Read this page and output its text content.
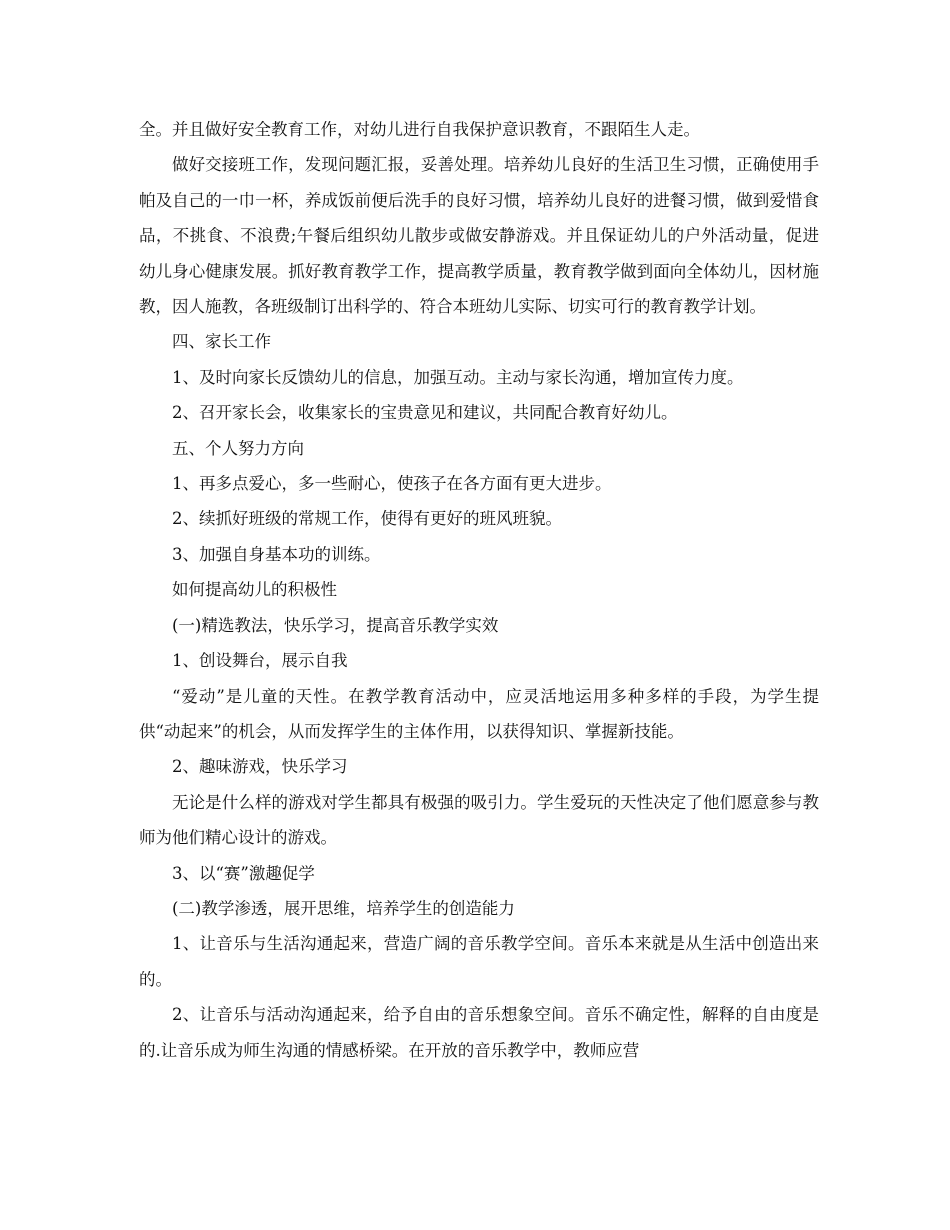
全。并且做好安全教育工作，对幼儿进行自我保护意识教育，不跟陌生人走。

做好交接班工作，发现问题汇报，妥善处理。培养幼儿良好的生活卫生习惯，正确使用手帕及自己的一巾一杯，养成饭前便后洗手的良好习惯，培养幼儿良好的进餐习惯，做到爱惜食品，不挑食、不浪费;午餐后组织幼儿散步或做安静游戏。并且保证幼儿的户外活动量，促进幼儿身心健康发展。抓好教育教学工作，提高教学质量，教育教学做到面向全体幼儿，因材施教，因人施教，各班级制订出科学的、符合本班幼儿实际、切实可行的教育教学计划。

四、家长工作

1、及时向家长反馈幼儿的信息，加强互动。主动与家长沟通，增加宣传力度。

2、召开家长会，收集家长的宝贵意见和建议，共同配合教育好幼儿。

五、个人努力方向

1、再多点爱心，多一些耐心，使孩子在各方面有更大进步。

2、续抓好班级的常规工作，使得有更好的班风班貌。

3、加强自身基本功的训练。

如何提高幼儿的积极性

(一)精选教法，快乐学习，提高音乐教学实效

1、创设舞台，展示自我

“爱动”是儿童的天性。在教学教育活动中，应灵活地运用多种多样的手段，为学生提供“动起来”的机会，从而发挥学生的主体作用，以获得知识、掌握新技能。

2、趣味游戏，快乐学习

无论是什么样的游戏对学生都具有极强的吸引力。学生爱玩的天性决定了他们愿意参与教师为他们精心设计的游戏。

3、以“赛”激趣促学

(二)教学渗透，展开思维，培养学生的创造能力

1、让音乐与生活沟通起来，营造广阔的音乐教学空间。音乐本来就是从生活中创造出来的。

2、让音乐与活动沟通起来，给予自由的音乐想象空间。音乐不确定性，解释的自由度是的.让音乐成为师生沟通的情感桥梁。在开放的音乐教学中，教师应营
